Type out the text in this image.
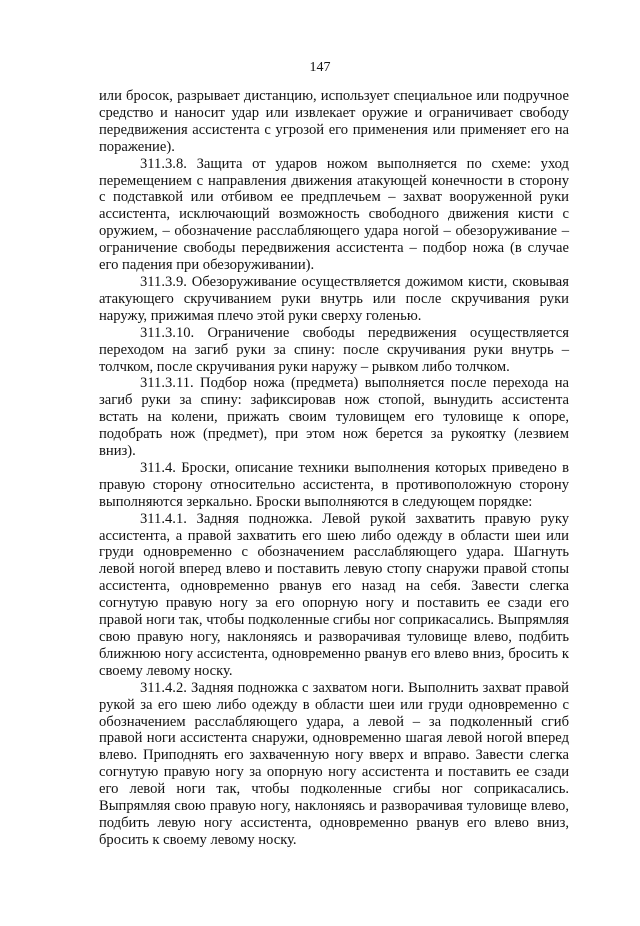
147

или бросок, разрывает дистанцию, использует специальное или подручное средство и наносит удар или извлекает оружие и ограничивает свободу передвижения ассистента с угрозой его применения или применяет его на поражение).

311.3.8. Защита от ударов ножом выполняется по схеме: уход перемещением с направления движения атакующей конечности в сторону с подставкой или отбивом ее предплечьем – захват вооруженной руки ассистента, исключающий возможность свободного движения кисти с оружием, – обозначение расслабляющего удара ногой – обезоруживание – ограничение свободы передвижения ассистента – подбор ножа (в случае его падения при обезоруживании).

311.3.9. Обезоруживание осуществляется дожимом кисти, сковывая атакующего скручиванием руки внутрь или после скручивания руки наружу, прижимая плечо этой руки сверху голенью.

311.3.10. Ограничение свободы передвижения осуществляется переходом на загиб руки за спину: после скручивания руки внутрь – толчком, после скручивания руки наружу – рывком либо толчком.

311.3.11. Подбор ножа (предмета) выполняется после перехода на загиб руки за спину: зафиксировав нож стопой, вынудить ассистента встать на колени, прижать своим туловищем его туловище к опоре, подобрать нож (предмет), при этом нож берется за рукоятку (лезвием вниз).

311.4. Броски, описание техники выполнения которых приведено в правую сторону относительно ассистента, в противоположную сторону выполняются зеркально. Броски выполняются в следующем порядке:

311.4.1. Задняя подножка. Левой рукой захватить правую руку ассистента, а правой захватить его шею либо одежду в области шеи или груди одновременно с обозначением расслабляющего удара. Шагнуть левой ногой вперед влево и поставить левую стопу снаружи правой стопы ассистента, одновременно рванув его назад на себя. Завести слегка согнутую правую ногу за его опорную ногу и поставить ее сзади его правой ноги так, чтобы подколенные сгибы ног соприкасались. Выпрямляя свою правую ногу, наклоняясь и разворачивая туловище влево, подбить ближнюю ногу ассистента, одновременно рванув его влево вниз, бросить к своему левому носку.

311.4.2. Задняя подножка с захватом ноги. Выполнить захват правой рукой за его шею либо одежду в области шеи или груди одновременно с обозначением расслабляющего удара, а левой – за подколенный сгиб правой ноги ассистента снаружи, одновременно шагая левой ногой вперед влево. Приподнять его захваченную ногу вверх и вправо. Завести слегка согнутую правую ногу за опорную ногу ассистента и поставить ее сзади его левой ноги так, чтобы подколенные сгибы ног соприкасались. Выпрямляя свою правую ногу, наклоняясь и разворачивая туловище влево, подбить левую ногу ассистента, одновременно рванув его влево вниз, бросить к своему левому носку.
